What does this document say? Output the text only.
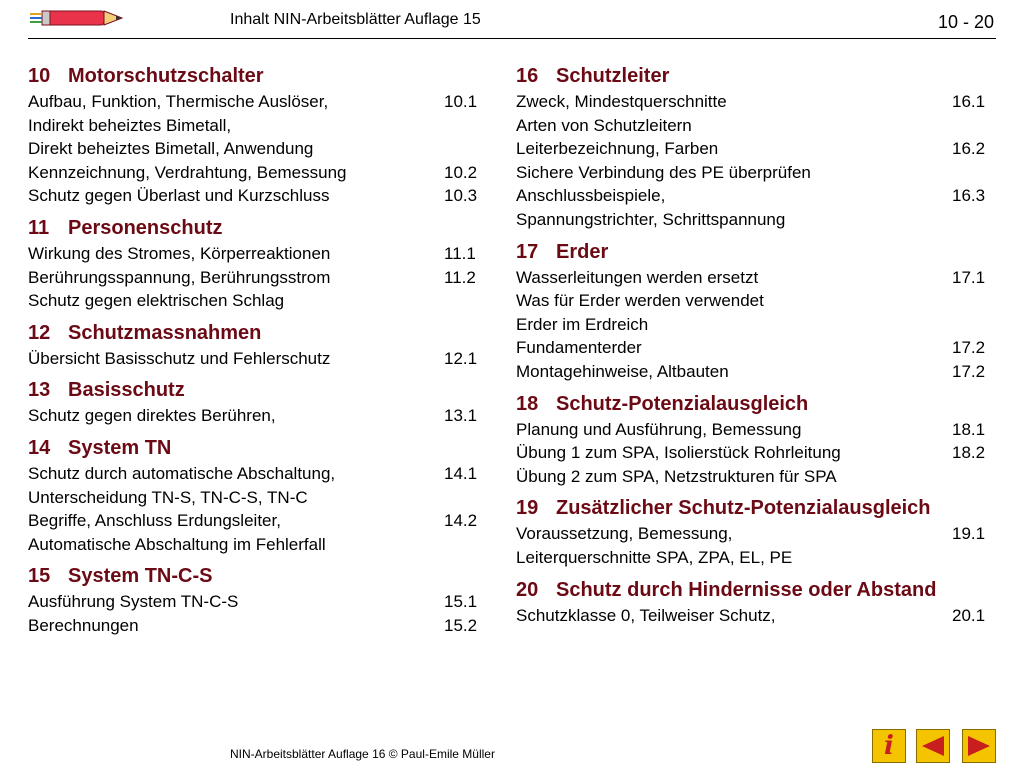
Inhalt NIN-Arbeitsblätter Auflage 15	10 - 20
10 Motorschutzschalter
Aufbau, Funktion, Thermische Auslöser,	10.1
Indirekt beheiztes Bimetall,
Direkt beheiztes Bimetall, Anwendung
Kennzeichnung, Verdrahtung, Bemessung	10.2
Schutz gegen Überlast und Kurzschluss	10.3
11 Personenschutz
Wirkung des Stromes, Körperreaktionen	11.1
Berührungsspannung, Berührungsstrom	11.2
Schutz gegen elektrischen Schlag
12 Schutzmassnahmen
Übersicht Basisschutz und Fehlerschutz	12.1
13 Basisschutz
Schutz gegen direktes Berühren,	13.1
14 System TN
Schutz durch automatische Abschaltung,	14.1
Unterscheidung TN-S, TN-C-S, TN-C
Begriffe, Anschluss Erdungsleiter,	14.2
Automatische Abschaltung im Fehlerfall
15 System TN-C-S
Ausführung System TN-C-S	15.1
Berechnungen	15.2
16 Schutzleiter
Zweck, Mindestquerschnitte	16.1
Arten von Schutzleitern
Leiterbezeichnung, Farben	16.2
Sichere Verbindung des PE überprüfen
Anschlussbeispiele,	16.3
Spannungstrichter, Schrittspannung
17 Erder
Wasserleitungen werden ersetzt	17.1
Was für Erder werden verwendet
Erder im Erdreich
Fundamenterder	17.2
Montagehinweise, Altbauten	17.2
18 Schutz-Potenzialausgleich
Planung und Ausführung, Bemessung	18.1
Übung 1 zum SPA, Isolierstück Rohrleitung	18.2
Übung 2 zum SPA, Netzstrukturen für SPA
19 Zusätzlicher Schutz-Potenzialausgleich
Voraussetzung, Bemessung,	19.1
Leiterquerschnitte SPA, ZPA, EL, PE
20 Schutz durch Hindernisse oder Abstand
Schutzklasse 0, Teilweiser Schutz,	20.1
NIN-Arbeitsblätter Auflage 16 © Paul-Emile Müller	i
